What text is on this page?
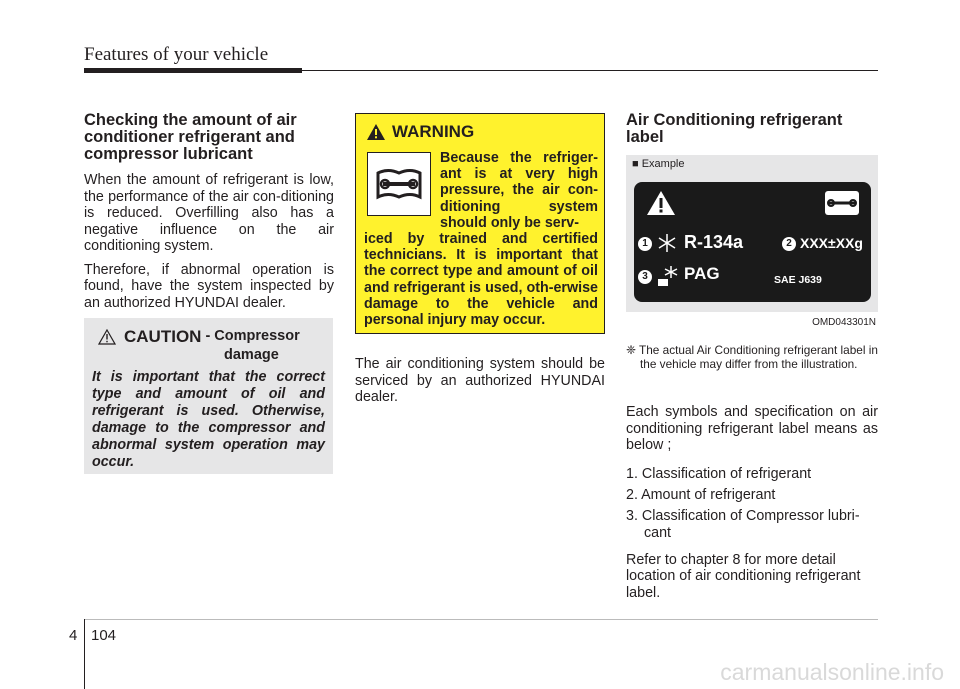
Features of your vehicle
Checking the amount of air conditioner refrigerant and compressor lubricant

When the amount of refrigerant is low, the performance of the air con-ditioning is reduced. Overfilling also has a negative influence on the air conditioning system.

Therefore, if abnormal operation is found, have the system inspected by an authorized HYUNDAI dealer.

CAUTION - Compressor
damage

It is important that the correct type and amount of oil and refrigerant is used. Otherwise, damage to the compressor and abnormal system operation may occur.

WARNING
Because the refriger-ant is at very high pressure, the air con-ditioning system should only be serv-
iced by trained and certified technicians. It is important that the correct type and amount of oil and refrigerant is used, oth-erwise damage to the vehicle and personal injury may occur.

The air conditioning system should be serviced by an authorized HYUNDAI dealer.

Air Conditioning refrigerant label
■ Example
1 R-134a	2 XXX±XXg
3 PAG	SAE J639
OMD043301N

❈ The actual Air Conditioning refrigerant label in the vehicle may differ from the illustration.

Each symbols and specification on air conditioning refrigerant label means as below ;

1. Classification of refrigerant
2. Amount of refrigerant
3. Classification of Compressor lubri-cant

Refer to chapter 8 for more detail location of air conditioning refrigerant label.

4 104
carmanualsonline.info
